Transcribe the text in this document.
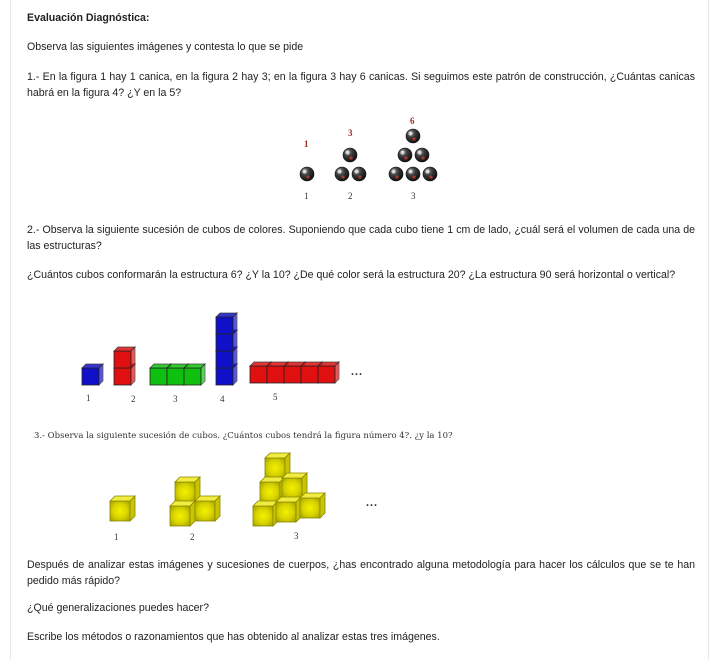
Evaluación Diagnóstica:
Observa las siguientes imágenes y contesta lo que se pide
1.- En la figura 1 hay 1 canica, en la figura 2 hay 3; en la figura 3 hay 6 canicas. Si seguimos este patrón de construcción, ¿Cuántas canicas habrá en la figura 4? ¿Y en la 5?
1
3
6
1	2	3
2.- Observa la siguiente sucesión de cubos de colores. Suponiendo que cada cubo tiene 1 cm de lado, ¿cuál será el volumen de cada una de las estructuras?
¿Cuántos cubos conformarán la estructura 6? ¿Y la 10? ¿De qué color será la estructura 20? ¿La estructura 90 será horizontal o vertical?
1	2	3	4	5
...
3.- Observa la siguiente sucesión de cubos. ¿Cuántos cubos tendrá la figura número 4?. ¿y la 10?
1	2	3
...
Después de analizar estas imágenes y sucesiones de cuerpos, ¿has encontrado alguna metodología para hacer los cálculos que se te han pedido más rápido?
¿Qué generalizaciones puedes hacer?
Escribe los métodos o razonamientos que has obtenido al analizar estas tres imágenes.
